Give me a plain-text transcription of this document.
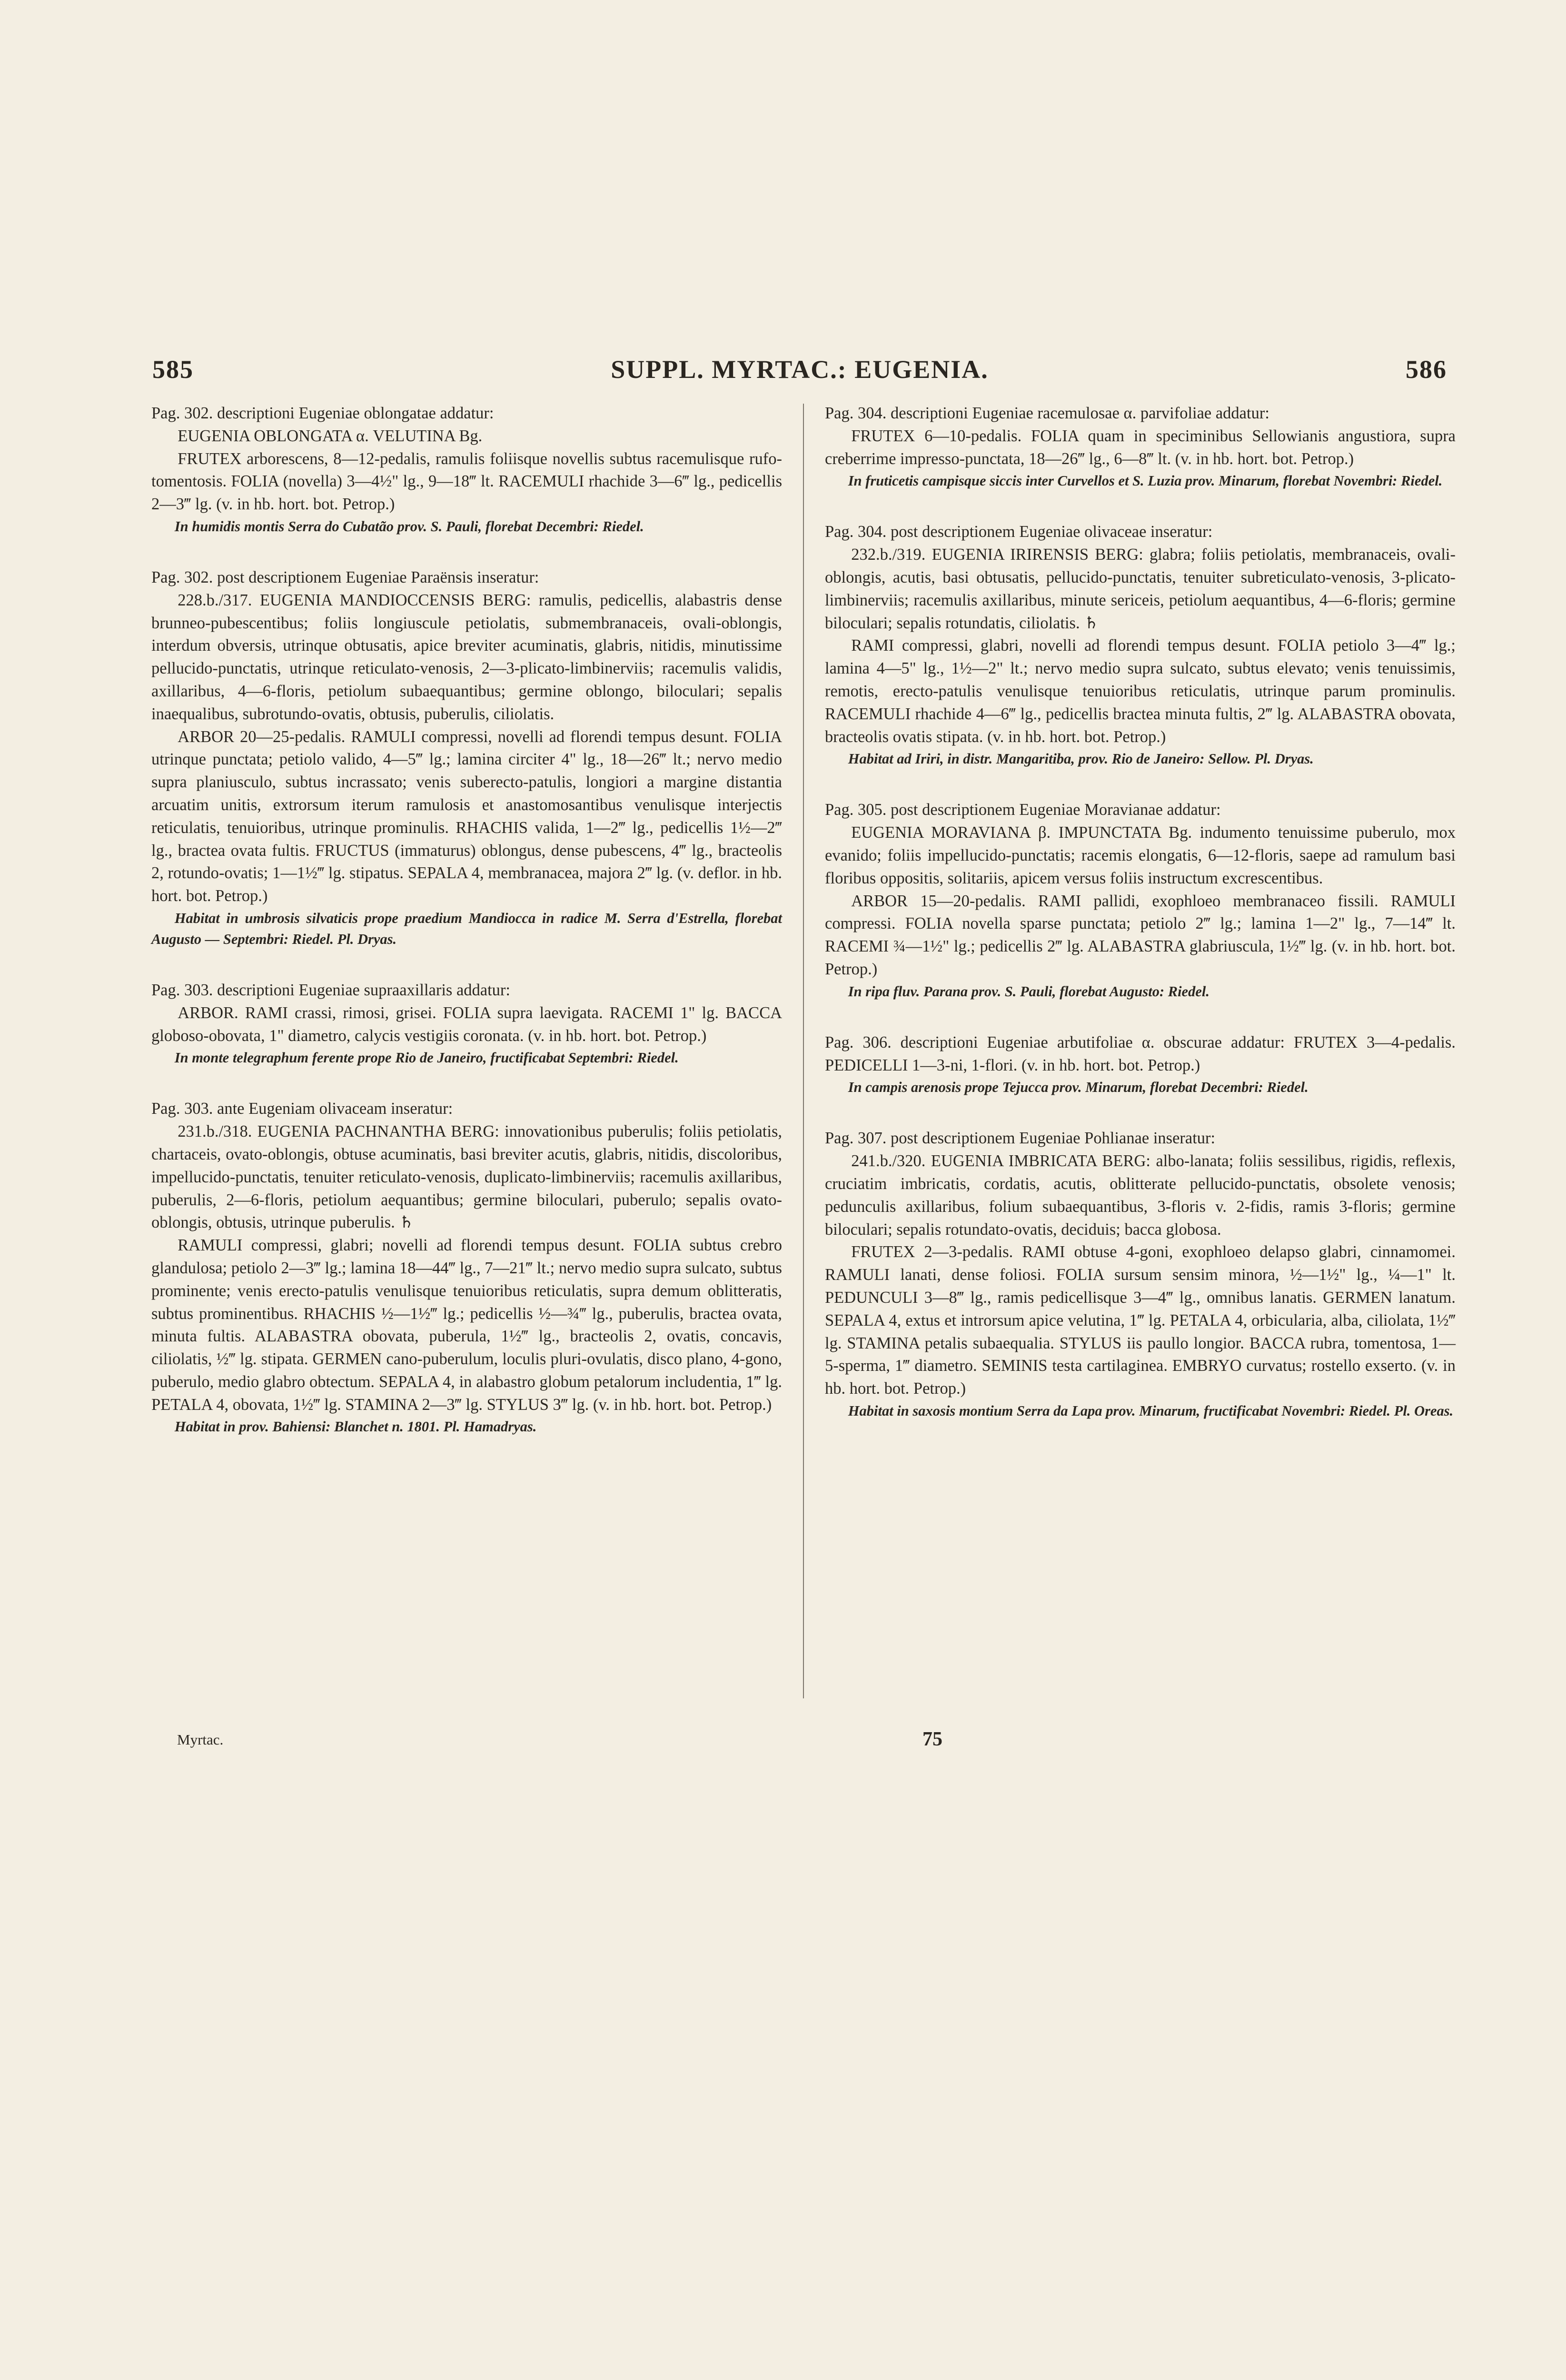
585	SUPPL. MYRTAC.: EUGENIA.	586

Pag. 302. descriptioni Eugeniae oblongatae addatur:

EUGENIA OBLONGATA α. VELUTINA Bg.

FRUTEX arborescens, 8—12-pedalis, ramulis foliisque novellis subtus racemulisque rufo-tomentosis. FOLIA (novella) 3—4½" lg., 9—18‴ lt. RACEMULI rhachide 3—6‴ lg., pedicellis 2—3‴ lg. (v. in hb. hort. bot. Petrop.)

In humidis montis Serra do Cubatão prov. S. Pauli, florebat Decembri: Riedel.

Pag. 302. post descriptionem Eugeniae Paraënsis inseratur:

228.b./317. EUGENIA MANDIOCCENSIS BERG: ramulis, pedicellis, alabastris dense brunneo-pubescentibus; foliis longiuscule petiolatis, submembranaceis, ovali-oblongis, interdum obversis, utrinque obtusatis, apice breviter acuminatis, glabris, nitidis, minutissime pellucido-punctatis, utrinque reticulato-venosis, 2—3-plicato-limbinerviis; racemulis validis, axillaribus, 4—6-floris, petiolum subaequantibus; germine oblongo, biloculari; sepalis inaequalibus, subrotundo-ovatis, obtusis, puberulis, ciliolatis.

ARBOR 20—25-pedalis. RAMULI compressi, novelli ad florendi tempus desunt. FOLIA utrinque punctata; petiolo valido, 4—5‴ lg.; lamina circiter 4" lg., 18—26‴ lt.; nervo medio supra planiusculo, subtus incrassato; venis suberecto-patulis, longiori a margine distantia arcuatim unitis, extrorsum iterum ramulosis et anastomosantibus venulisque interjectis reticulatis, tenuioribus, utrinque prominulis. RHACHIS valida, 1—2‴ lg., pedicellis 1½—2‴ lg., bractea ovata fultis. FRUCTUS (immaturus) oblongus, dense pubescens, 4‴ lg., bracteolis 2, rotundo-ovatis; 1—1½‴ lg. stipatus. SEPALA 4, membranacea, majora 2‴ lg. (v. deflor. in hb. hort. bot. Petrop.)

Habitat in umbrosis silvaticis prope praedium Mandiocca in radice M. Serra d'Estrella, florebat Augusto — Septembri: Riedel. Pl. Dryas.

Pag. 303. descriptioni Eugeniae supraaxillaris addatur:

ARBOR. RAMI crassi, rimosi, grisei. FOLIA supra laevigata. RACEMI 1" lg. BACCA globoso-obovata, 1" diametro, calycis vestigiis coronata. (v. in hb. hort. bot. Petrop.)

In monte telegraphum ferente prope Rio de Janeiro, fructificabat Septembri: Riedel.

Pag. 303. ante Eugeniam olivaceam inseratur:

231.b./318. EUGENIA PACHNANTHA BERG: innovationibus puberulis; foliis petiolatis, chartaceis, ovato-oblongis, obtuse acuminatis, basi breviter acutis, glabris, nitidis, discoloribus, impellucido-punctatis, tenuiter reticulato-venosis, duplicato-limbinerviis; racemulis axillaribus, puberulis, 2—6-floris, petiolum aequantibus; germine biloculari, puberulo; sepalis ovato-oblongis, obtusis, utrinque puberulis. ♄

RAMULI compressi, glabri; novelli ad florendi tempus desunt. FOLIA subtus crebro glandulosa; petiolo 2—3‴ lg.; lamina 18—44‴ lg., 7—21‴ lt.; nervo medio supra sulcato, subtus prominente; venis erecto-patulis venulisque tenuioribus reticulatis, supra demum oblitteratis, subtus prominentibus. RHACHIS ½—1½‴ lg.; pedicellis ½—¾‴ lg., puberulis, bractea ovata, minuta fultis. ALABASTRA obovata, puberula, 1½‴ lg., bracteolis 2, ovatis, concavis, ciliolatis, ½‴ lg. stipata. GERMEN cano-puberulum, loculis pluri-ovulatis, disco plano, 4-gono, puberulo, medio glabro obtectum. SEPALA 4, in alabastro globum petalorum includentia, 1‴ lg. PETALA 4, obovata, 1½‴ lg. STAMINA 2—3‴ lg. STYLUS 3‴ lg. (v. in hb. hort. bot. Petrop.)

Habitat in prov. Bahiensi: Blanchet n. 1801. Pl. Hamadryas.

Pag. 304. descriptioni Eugeniae racemulosae α. parvifoliae addatur:

FRUTEX 6—10-pedalis. FOLIA quam in speciminibus Sellowianis angustiora, supra creberrime impresso-punctata, 18—26‴ lg., 6—8‴ lt. (v. in hb. hort. bot. Petrop.)

In fruticetis campisque siccis inter Curvellos et S. Luzia prov. Minarum, florebat Novembri: Riedel.

Pag. 304. post descriptionem Eugeniae olivaceae inseratur:

232.b./319. EUGENIA IRIRENSIS BERG: glabra; foliis petiolatis, membranaceis, ovali-oblongis, acutis, basi obtusatis, pellucido-punctatis, tenuiter subreticulato-venosis, 3-plicato-limbinerviis; racemulis axillaribus, minute sericeis, petiolum aequantibus, 4—6-floris; germine biloculari; sepalis rotundatis, ciliolatis. ♄

RAMI compressi, glabri, novelli ad florendi tempus desunt. FOLIA petiolo 3—4‴ lg.; lamina 4—5" lg., 1½—2" lt.; nervo medio supra sulcato, subtus elevato; venis tenuissimis, remotis, erecto-patulis venulisque tenuioribus reticulatis, utrinque parum prominulis. RACEMULI rhachide 4—6‴ lg., pedicellis bractea minuta fultis, 2‴ lg. ALABASTRA obovata, bracteolis ovatis stipata. (v. in hb. hort. bot. Petrop.)

Habitat ad Iriri, in distr. Mangaritiba, prov. Rio de Janeiro: Sellow. Pl. Dryas.

Pag. 305. post descriptionem Eugeniae Moravianae addatur:

EUGENIA MORAVIANA β. IMPUNCTATA Bg. indumento tenuissime puberulo, mox evanido; foliis impellucido-punctatis; racemis elongatis, 6—12-floris, saepe ad ramulum basi floribus oppositis, solitariis, apicem versus foliis instructum excrescentibus.

ARBOR 15—20-pedalis. RAMI pallidi, exophloeo membranaceo fissili. RAMULI compressi. FOLIA novella sparse punctata; petiolo 2‴ lg.; lamina 1—2" lg., 7—14‴ lt. RACEMI ¾—1½" lg.; pedicellis 2‴ lg. ALABASTRA glabriuscula, 1½‴ lg. (v. in hb. hort. bot. Petrop.)

In ripa fluv. Parana prov. S. Pauli, florebat Augusto: Riedel.

Pag. 306. descriptioni Eugeniae arbutifoliae α. obscurae addatur: FRUTEX 3—4-pedalis. PEDICELLI 1—3-ni, 1-flori. (v. in hb. hort. bot. Petrop.)

In campis arenosis prope Tejucca prov. Minarum, florebat Decembri: Riedel.

Pag. 307. post descriptionem Eugeniae Pohlianae inseratur:

241.b./320. EUGENIA IMBRICATA BERG: albo-lanata; foliis sessilibus, rigidis, reflexis, cruciatim imbricatis, cordatis, acutis, oblitterate pellucido-punctatis, obsolete venosis; pedunculis axillaribus, folium subaequantibus, 3-floris v. 2-fidis, ramis 3-floris; germine biloculari; sepalis rotundato-ovatis, deciduis; bacca globosa.

FRUTEX 2—3-pedalis. RAMI obtuse 4-goni, exophloeo delapso glabri, cinnamomei. RAMULI lanati, dense foliosi. FOLIA sursum sensim minora, ½—1½" lg., ¼—1" lt. PEDUNCULI 3—8‴ lg., ramis pedicellisque 3—4‴ lg., omnibus lanatis. GERMEN lanatum. SEPALA 4, extus et introrsum apice velutina, 1‴ lg. PETALA 4, orbicularia, alba, ciliolata, 1½‴ lg. STAMINA petalis subaequalia. STYLUS iis paullo longior. BACCA rubra, tomentosa, 1—5-sperma, 1‴ diametro. SEMINIS testa cartilaginea. EMBRYO curvatus; rostello exserto. (v. in hb. hort. bot. Petrop.)

Habitat in saxosis montium Serra da Lapa prov. Minarum, fructificabat Novembri: Riedel. Pl. Oreas.

Myrtac.	75
